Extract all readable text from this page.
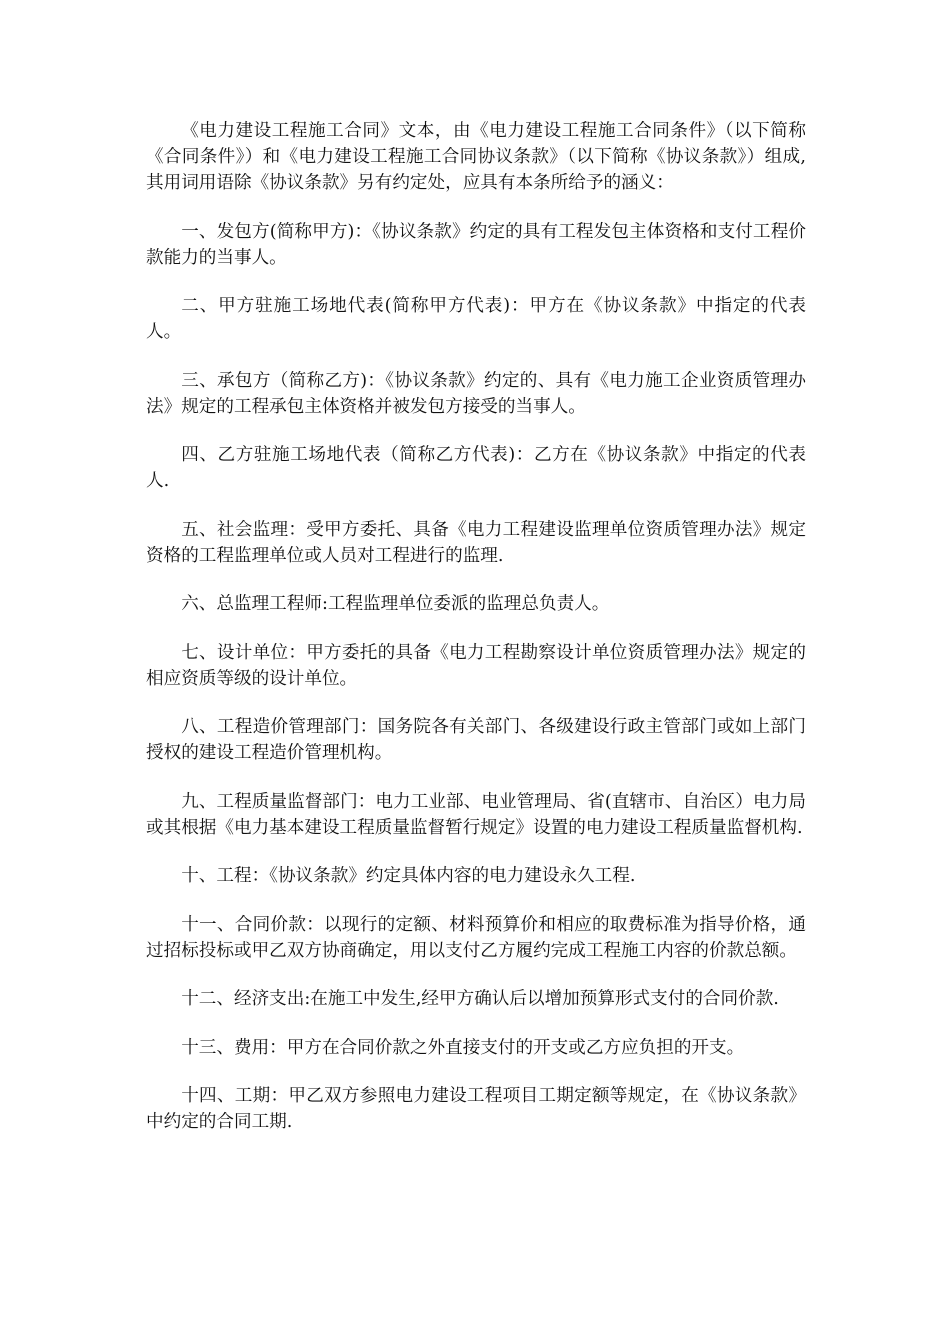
《电力建设工程施工合同》文本，由《电力建设工程施工合同条件》（以下简称《合同条件》）和《电力建设工程施工合同协议条款》（以下简称《协议条款》）组成,其用词用语除《协议条款》另有约定处，应具有本条所给予的涵义：

一、发包方(简称甲方)：《协议条款》约定的具有工程发包主体资格和支付工程价款能力的当事人。

二、甲方驻施工场地代表(简称甲方代表)：甲方在《协议条款》中指定的代表人。

三、承包方（简称乙方)：《协议条款》约定的、具有《电力施工企业资质管理办法》规定的工程承包主体资格并被发包方接受的当事人。

四、乙方驻施工场地代表（简称乙方代表)：乙方在《协议条款》中指定的代表人.

五、社会监理：受甲方委托、具备《电力工程建设监理单位资质管理办法》规定资格的工程监理单位或人员对工程进行的监理.

六、总监理工程师:工程监理单位委派的监理总负责人。

七、设计单位：甲方委托的具备《电力工程勘察设计单位资质管理办法》规定的相应资质等级的设计单位。

八、工程造价管理部门：国务院各有关部门、各级建设行政主管部门或如上部门授权的建设工程造价管理机构。

九、工程质量监督部门：电力工业部、电业管理局、省(直辖市、自治区）电力局或其根据《电力基本建设工程质量监督暂行规定》设置的电力建设工程质量监督机构.

十、工程：《协议条款》约定具体内容的电力建设永久工程.

十一、合同价款：以现行的定额、材料预算价和相应的取费标准为指导价格，通过招标投标或甲乙双方协商确定，用以支付乙方履约完成工程施工内容的价款总额。

十二、经济支出:在施工中发生,经甲方确认后以增加预算形式支付的合同价款.

十三、费用：甲方在合同价款之外直接支付的开支或乙方应负担的开支。

十四、工期：甲乙双方参照电力建设工程项目工期定额等规定，在《协议条款》中约定的合同工期.
